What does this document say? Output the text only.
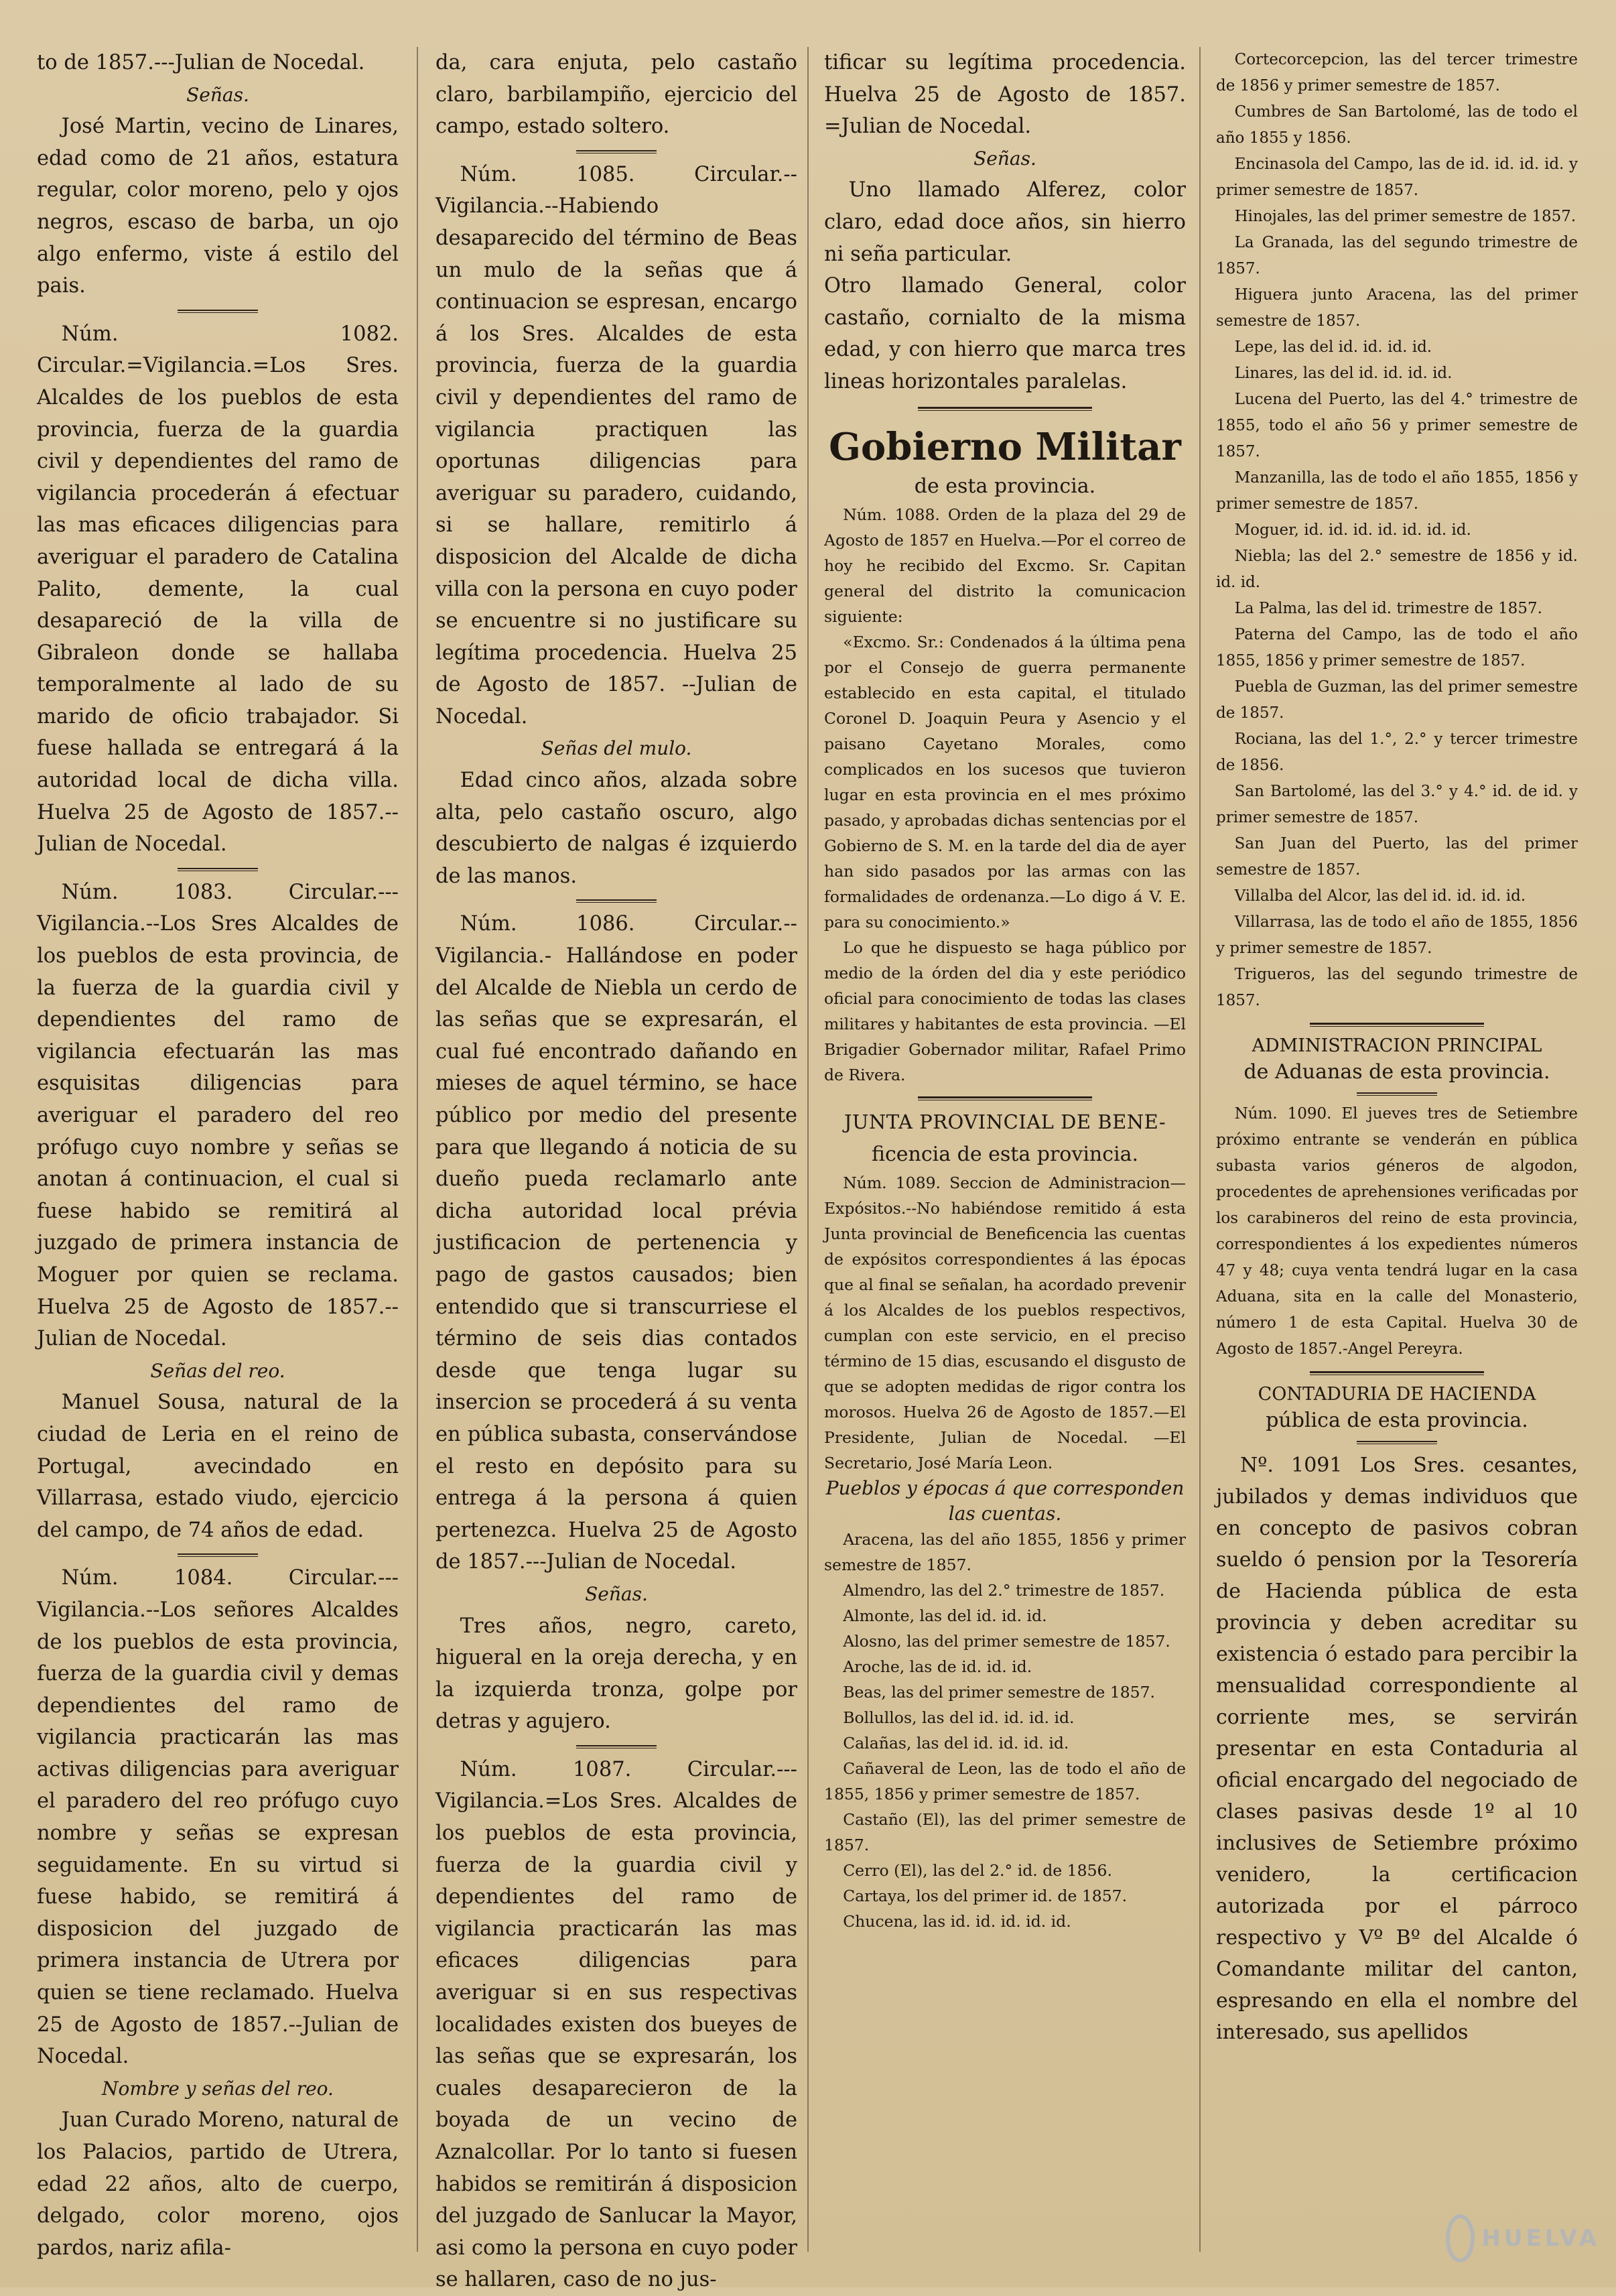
to de 1857.---Julian de Nocedal.

Señas.

José Martin, vecino de Linares, edad como de 21 años, estatura regular, color moreno, pelo y ojos negros, escaso de barba, un ojo algo enfermo, viste á estilo del pais.

Núm. 1082. Circular.=Vigilancia.=Los Sres. Alcaldes de los pueblos de esta provincia, fuerza de la guardia civil y dependientes del ramo de vigilancia procederán á efectuar las mas eficaces diligencias para averiguar el paradero de Catalina Palito, demente, la cual desapareció de la villa de Gibraleon donde se hallaba temporalmente al lado de su marido de oficio trabajador. Si fuese hallada se entregará á la autoridad local de dicha villa. Huelva 25 de Agosto de 1857.--Julian de Nocedal.

Núm. 1083. Circular.---Vigilancia.--Los Sres Alcaldes de los pueblos de esta provincia, de la fuerza de la guardia civil y dependientes del ramo de vigilancia efectuarán las mas esquisitas diligencias para averiguar el paradero del reo prófugo cuyo nombre y señas se anotan á continuacion, el cual si fuese habido se remitirá al juzgado de primera instancia de Moguer por quien se reclama. Huelva 25 de Agosto de 1857.--Julian de Nocedal.

Señas del reo.

Manuel Sousa, natural de la ciudad de Leria en el reino de Portugal, avecindado en Villarrasa, estado viudo, ejercicio del campo, de 74 años de edad.

Núm. 1084. Circular.---Vigilancia.--Los señores Alcaldes de los pueblos de esta provincia, fuerza de la guardia civil y demas dependientes del ramo de vigilancia practicarán las mas activas diligencias para averiguar el paradero del reo prófugo cuyo nombre y señas se expresan seguidamente. En su virtud si fuese habido, se remitirá á disposicion del juzgado de primera instancia de Utrera por quien se tiene reclamado. Huelva 25 de Agosto de 1857.--Julian de Nocedal.

Nombre y señas del reo.

Juan Curado Moreno, natural de los Palacios, partido de Utrera, edad 22 años, alto de cuerpo, delgado, color moreno, ojos pardos, nariz afila-

da, cara enjuta, pelo castaño claro, barbilampiño, ejercicio del campo, estado soltero.

Núm. 1085. Circular.--Vigilancia.--Habiendo desaparecido del término de Beas un mulo de la señas que á continuacion se espresan, encargo á los Sres. Alcaldes de esta provincia, fuerza de la guardia civil y dependientes del ramo de vigilancia practiquen las oportunas diligencias para averiguar su paradero, cuidando, si se hallare, remitirlo á disposicion del Alcalde de dicha villa con la persona en cuyo poder se encuentre si no justificare su legítima procedencia. Huelva 25 de Agosto de 1857. --Julian de Nocedal.

Señas del mulo.

Edad cinco años, alzada sobre alta, pelo castaño oscuro, algo descubierto de nalgas é izquierdo de las manos.

Núm. 1086. Circular.--Vigilancia.- Hallándose en poder del Alcalde de Niebla un cerdo de las señas que se expresarán, el cual fué encontrado dañando en mieses de aquel término, se hace público por medio del presente para que llegando á noticia de su dueño pueda reclamarlo ante dicha autoridad local prévia justificacion de pertenencia y pago de gastos causados; bien entendido que si transcurriese el término de seis dias contados desde que tenga lugar su insercion se procederá á su venta en pública subasta, conservándose el resto en depósito para su entrega á la persona á quien pertenezca. Huelva 25 de Agosto de 1857.---Julian de Nocedal.

Señas.

Tres años, negro, careto, higueral en la oreja derecha, y en la izquierda tronza, golpe por detras y agujero.

Núm. 1087. Circular.---Vigilancia.=Los Sres. Alcaldes de los pueblos de esta provincia, fuerza de la guardia civil y dependientes del ramo de vigilancia practicarán las mas eficaces diligencias para averiguar si en sus respectivas localidades existen dos bueyes de las señas que se expresarán, los cuales desaparecieron de la boyada de un vecino de Aznalcollar. Por lo tanto si fuesen habidos se remitirán á disposicion del juzgado de Sanlucar la Mayor, asi como la persona en cuyo poder se hallaren, caso de no jus-

tificar su legítima procedencia. Huelva 25 de Agosto de 1857. =Julian de Nocedal.

Señas.

Uno llamado Alferez, color claro, edad doce años, sin hierro ni seña particular.

Otro llamado General, color castaño, cornialto de la misma edad, y con hierro que marca tres lineas horizontales paralelas.

Gobierno Militar

de esta provincia.

Núm. 1088. Orden de la plaza del 29 de Agosto de 1857 en Huelva.—Por el correo de hoy he recibido del Excmo. Sr. Capitan general del distrito la comunicacion siguiente:

«Excmo. Sr.: Condenados á la última pena por el Consejo de guerra permanente establecido en esta capital, el titulado Coronel D. Joaquin Peura y Asencio y el paisano Cayetano Morales, como complicados en los sucesos que tuvieron lugar en esta provincia en el mes próximo pasado, y aprobadas dichas sentencias por el Gobierno de S. M. en la tarde del dia de ayer han sido pasados por las armas con las formalidades de ordenanza.—Lo digo á V. E. para su conocimiento.»

Lo que he dispuesto se haga público por medio de la órden del dia y este periódico oficial para conocimiento de todas las clases militares y habitantes de esta provincia. —El Brigadier Gobernador militar, Rafael Primo de Rivera.

JUNTA PROVINCIAL DE BENE-

ficencia de esta provincia.

Núm. 1089. Seccion de Administracion—Expósitos.--No habiéndose remitido á esta Junta provincial de Beneficencia las cuentas de expósitos correspondientes á las épocas que al final se señalan, ha acordado prevenir á los Alcaldes de los pueblos respectivos, cumplan con este servicio, en el preciso término de 15 dias, escusando el disgusto de que se adopten medidas de rigor contra los morosos. Huelva 26 de Agosto de 1857.—El Presidente, Julian de Nocedal. —El Secretario, José María Leon.

Pueblos y épocas á que corresponden las cuentas.

Aracena, las del año 1855, 1856 y primer semestre de 1857.

Almendro, las del 2.° trimestre de 1857.

Almonte, las del id. id. id.

Alosno, las del primer semestre de 1857.

Aroche, las de id. id. id.

Beas, las del primer semestre de 1857.

Bollullos, las del id. id. id. id.

Calañas, las del id. id. id. id.

Cañaveral de Leon, las de todo el año de 1855, 1856 y primer semestre de 1857.

Castaño (El), las del primer semestre de 1857.

Cerro (El), las del 2.° id. de 1856.

Cartaya, los del primer id. de 1857.

Chucena, las id. id. id. id. id.

Cortecorcepcion, las del tercer trimestre de 1856 y primer semestre de 1857.

Cumbres de San Bartolomé, las de todo el año 1855 y 1856.

Encinasola del Campo, las de id. id. id. id. y primer semestre de 1857.

Hinojales, las del primer semestre de 1857.

La Granada, las del segundo trimestre de 1857.

Higuera junto Aracena, las del primer semestre de 1857.

Lepe, las del id. id. id. id.

Linares, las del id. id. id. id.

Lucena del Puerto, las del 4.° trimestre de 1855, todo el año 56 y primer semestre de 1857.

Manzanilla, las de todo el año 1855, 1856 y primer semestre de 1857.

Moguer, id. id. id. id. id. id. id.

Niebla; las del 2.° semestre de 1856 y id. id. id.

La Palma, las del id. trimestre de 1857.

Paterna del Campo, las de todo el año 1855, 1856 y primer semestre de 1857.

Puebla de Guzman, las del primer semestre de 1857.

Rociana, las del 1.°, 2.° y tercer trimestre de 1856.

San Bartolomé, las del 3.° y 4.° id. de id. y primer semestre de 1857.

San Juan del Puerto, las del primer semestre de 1857.

Villalba del Alcor, las del id. id. id. id.

Villarrasa, las de todo el año de 1855, 1856 y primer semestre de 1857.

Trigueros, las del segundo trimestre de 1857.

ADMINISTRACION PRINCIPAL

de Aduanas de esta provincia.

Núm. 1090. El jueves tres de Setiembre próximo entrante se venderán en pública subasta varios géneros de algodon, procedentes de aprehensiones verificadas por los carabineros del reino de esta provincia, correspondientes á los expedientes números 47 y 48; cuya venta tendrá lugar en la casa Aduana, sita en la calle del Monasterio, número 1 de esta Capital. Huelva 30 de Agosto de 1857.-Angel Pereyra.

CONTADURIA DE HACIENDA

pública de esta provincia.

Nº. 1091 Los Sres. cesantes, jubilados y demas individuos que en concepto de pasivos cobran sueldo ó pension por la Tesorería de Hacienda pública de esta provincia y deben acreditar su existencia ó estado para percibir la mensualidad correspondiente al corriente mes, se servirán presentar en esta Contaduria al oficial encargado del negociado de clases pasivas desde 1º al 10 inclusives de Setiembre próximo venidero, la certificacion autorizada por el párroco respectivo y Vº Bº del Alcalde ó Comandante militar del canton, espresando en ella el nombre del interesado, sus apellidos

HUELVA
